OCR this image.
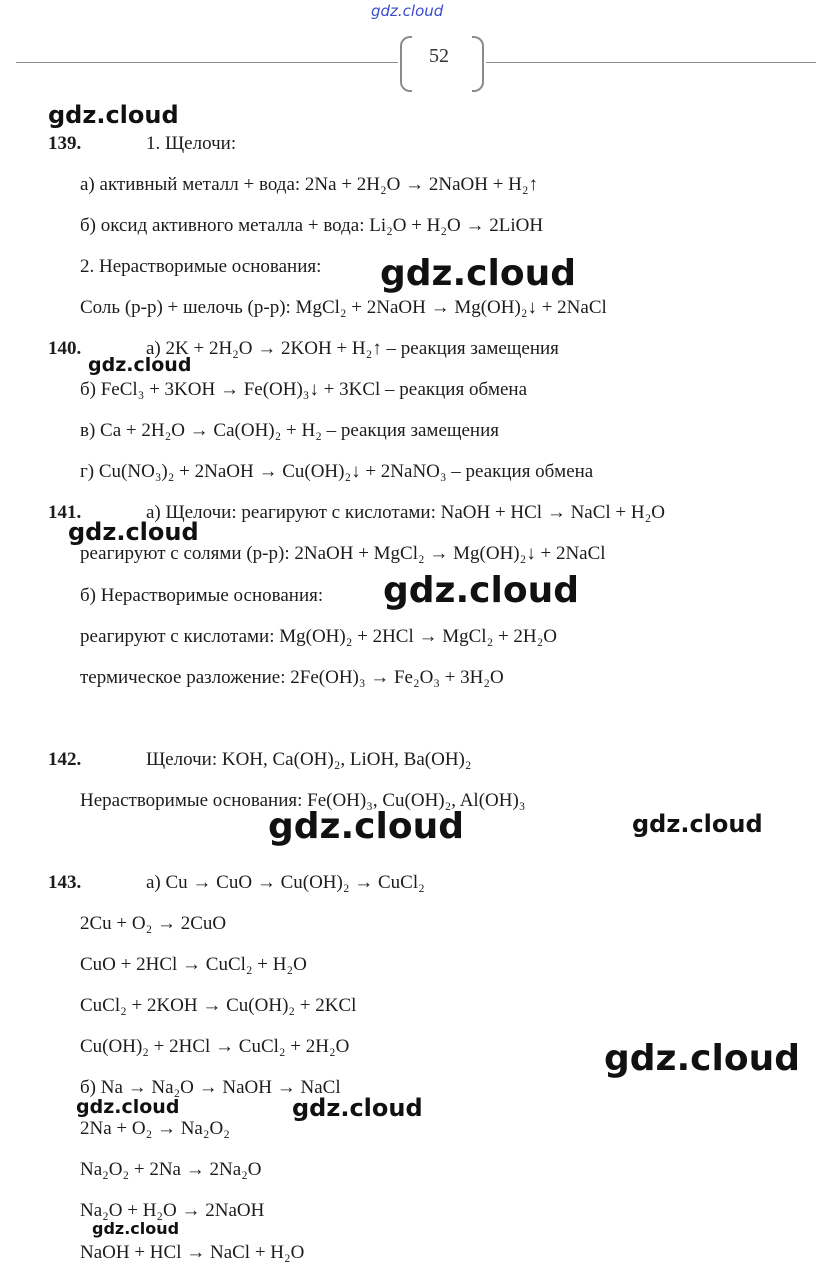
gdz.cloud
52
gdz.cloud
gdz.cloud
gdz.cloud
gdz.cloud
gdz.cloud
gdz.cloud	gdz.cloud
gdz.cloud
gdz.cloud	gdz.cloud
gdz.cloud
139.	1. Щелочи:
а) активный металл + вода: 2Na + 2H₂O → 2NaOH + H₂↑
б) оксид активного металла + вода: Li₂O + H₂O → 2LiOH
2. Нерастворимые основания:
Соль (р-р) + шелочь (р-р): MgCl₂ + 2NaOH → Mg(OH)₂↓ + 2NaCl
140.	а) 2K + 2H₂O → 2KOH + H₂↑ – реакция замещения
б) FeCl₃ + 3KOH → Fe(OH)₃↓ + 3KCl – реакция обмена
в) Ca + 2H₂O → Ca(OH)₂ + H₂ – реакция замещения
г) Cu(NO₃)₂ + 2NaOH → Cu(OH)₂↓ + 2NaNO₃ – реакция обмена
141.	а) Щелочи: реагируют с кислотами: NaOH + HCl → NaCl + H₂O
реагируют с солями (р-р): 2NaOH + MgCl₂ → Mg(OH)₂↓ + 2NaCl
б) Нерастворимые основания:
реагируют с кислотами: Mg(OH)₂ + 2HCl → MgCl₂ + 2H₂O
термическое разложение: 2Fe(OH)₃ → Fe₂O₃ + 3H₂O
142.	Щелочи: KOH, Ca(OH)₂, LiOH, Ba(OH)₂
Нерастворимые основания: Fe(OH)₃, Cu(OH)₂, Al(OH)₃
143.	а) Cu → CuO → Cu(OH)₂ → CuCl₂
2Cu + O₂ → 2CuO
CuO + 2HCl → CuCl₂ + H₂O
CuCl₂ + 2KOH → Cu(OH)₂ + 2KCl
Cu(OH)₂ + 2HCl → CuCl₂ + 2H₂O
б) Na → Na₂O → NaOH → NaCl
2Na + O₂ → Na₂O₂
Na₂O₂ + 2Na → 2Na₂O
Na₂O + H₂O → 2NaOH
NaOH + HCl → NaCl + H₂O
